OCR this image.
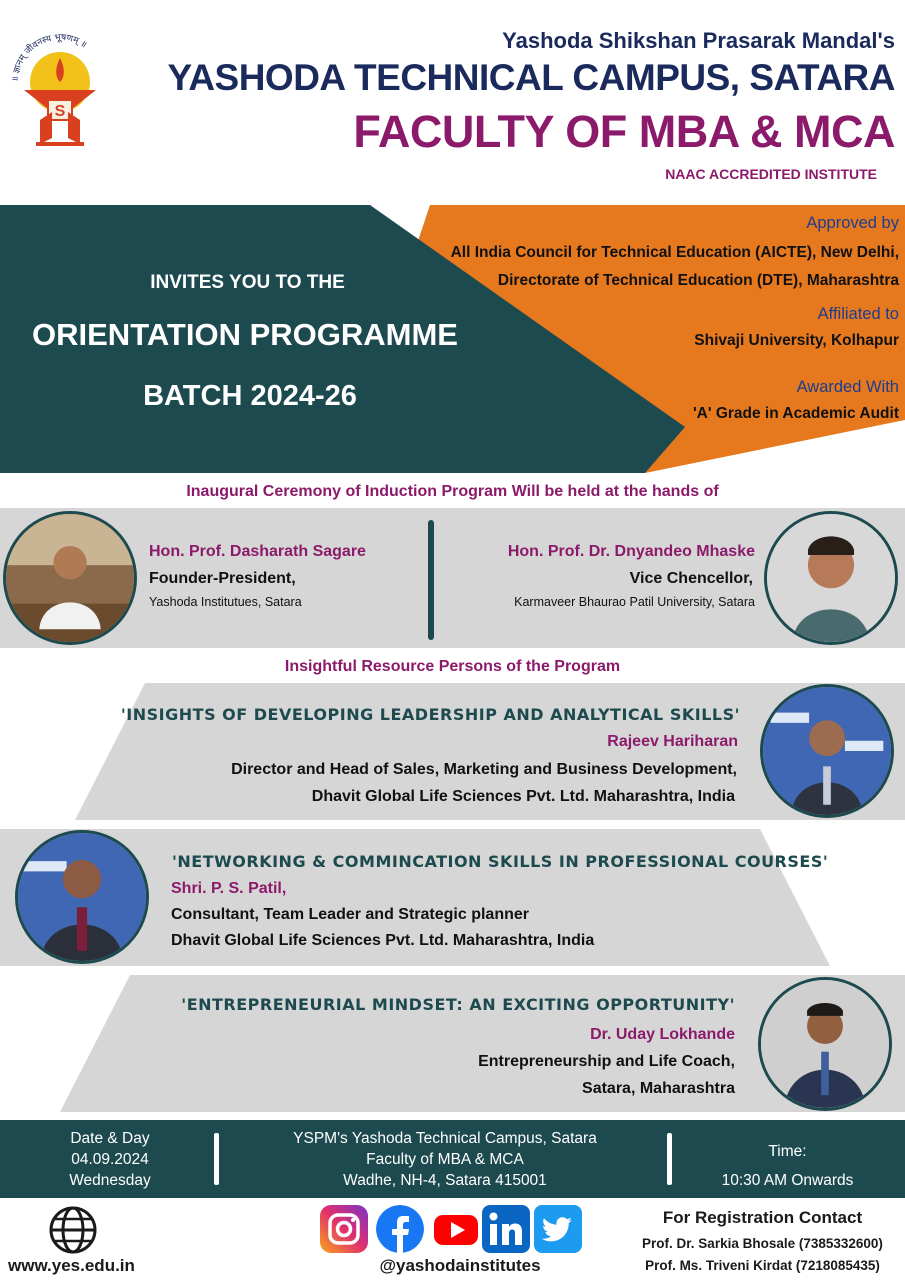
॥ ज्ञानम् जीवनस्य भूषणम् ॥
S
Yashoda Shikshan Prasarak Mandal's
YASHODA TECHNICAL CAMPUS, SATARA
FACULTY OF MBA & MCA
NAAC ACCREDITED INSTITUTE
INVITES YOU TO THE
ORIENTATION PROGRAMME
BATCH 2024-26
Approved by
All India Council for Technical Education (AICTE), New Delhi,
Directorate of Technical Education (DTE), Maharashtra
Affiliated to
Shivaji University, Kolhapur
Awarded With
'A' Grade in Academic Audit
Inaugural Ceremony of Induction Program Will be held at the hands of
Hon. Prof. Dasharath Sagare
Founder-President,
Yashoda Institutues, Satara
Hon. Prof. Dr. Dnyandeo Mhaske
Vice Chencellor,
Karmaveer Bhaurao Patil University, Satara
Insightful Resource Persons of the Program
'INSIGHTS OF DEVELOPING LEADERSHIP AND ANALYTICAL SKILLS'
Rajeev Hariharan
Director and Head of Sales, Marketing and Business Development,
Dhavit Global Life Sciences Pvt. Ltd. Maharashtra, India
'NETWORKING & COMMINCATION SKILLS IN PROFESSIONAL COURSES'
Shri. P. S. Patil,
Consultant, Team Leader and Strategic planner
Dhavit Global Life Sciences Pvt. Ltd. Maharashtra, India
'ENTREPRENEURIAL MINDSET: AN EXCITING OPPORTUNITY'
Dr. Uday Lokhande
Entrepreneurship and Life Coach,
Satara, Maharashtra
Date & Day
04.09.2024
Wednesday
YSPM's Yashoda Technical Campus, Satara
Faculty of MBA & MCA
Wadhe, NH-4, Satara 415001
Time:
10:30 AM Onwards
www.yes.edu.in	@yashodainstitutes
For Registration Contact
Prof. Dr. Sarkia Bhosale (7385332600)
Prof. Ms. Triveni Kirdat (7218085435)
